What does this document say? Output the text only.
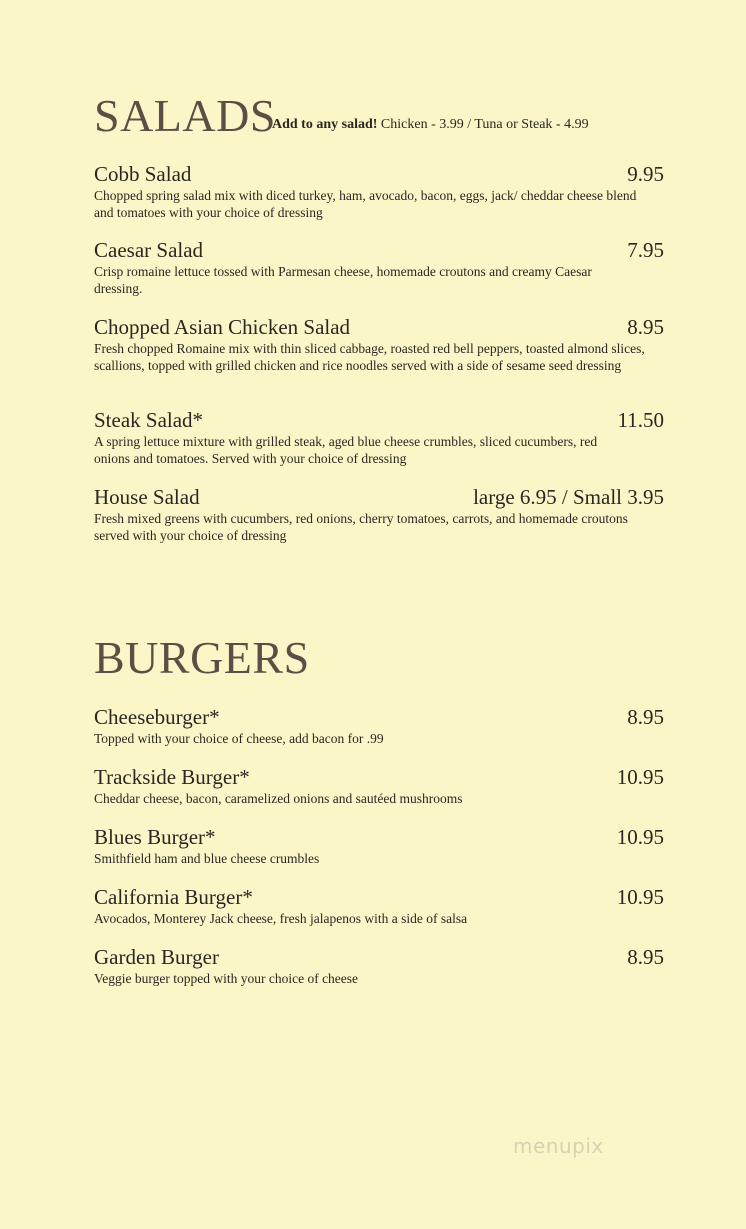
SALADS
Add to any salad! Chicken - 3.99 / Tuna or Steak - 4.99
Cobb Salad	9.95
Chopped spring salad mix with diced turkey, ham, avocado, bacon, eggs, jack/ cheddar cheese blend and tomatoes with your choice of dressing
Caesar Salad	7.95
Crisp romaine lettuce tossed with Parmesan cheese, homemade croutons and creamy Caesar dressing.
Chopped Asian Chicken Salad	8.95
Fresh chopped Romaine mix with thin sliced cabbage, roasted red bell peppers, toasted almond slices, scallions, topped with grilled chicken and rice noodles served with a side of sesame seed dressing
Steak Salad*	11.50
A spring lettuce mixture with grilled steak, aged blue cheese crumbles, sliced cucumbers, red onions and tomatoes. Served with your choice of dressing
House Salad	large 6.95 / Small 3.95
Fresh mixed greens with cucumbers, red onions, cherry tomatoes, carrots, and homemade croutons served with your choice of dressing
BURGERS
Cheeseburger*	8.95
Topped with your choice of cheese, add bacon for .99
Trackside Burger*	10.95
Cheddar cheese, bacon, caramelized onions and sautéed mushrooms
Blues Burger*	10.95
Smithfield ham and blue cheese crumbles
California Burger*	10.95
Avocados, Monterey Jack cheese, fresh jalapenos with a side of salsa
Garden Burger	8.95
Veggie burger topped with your choice of cheese
menupix
